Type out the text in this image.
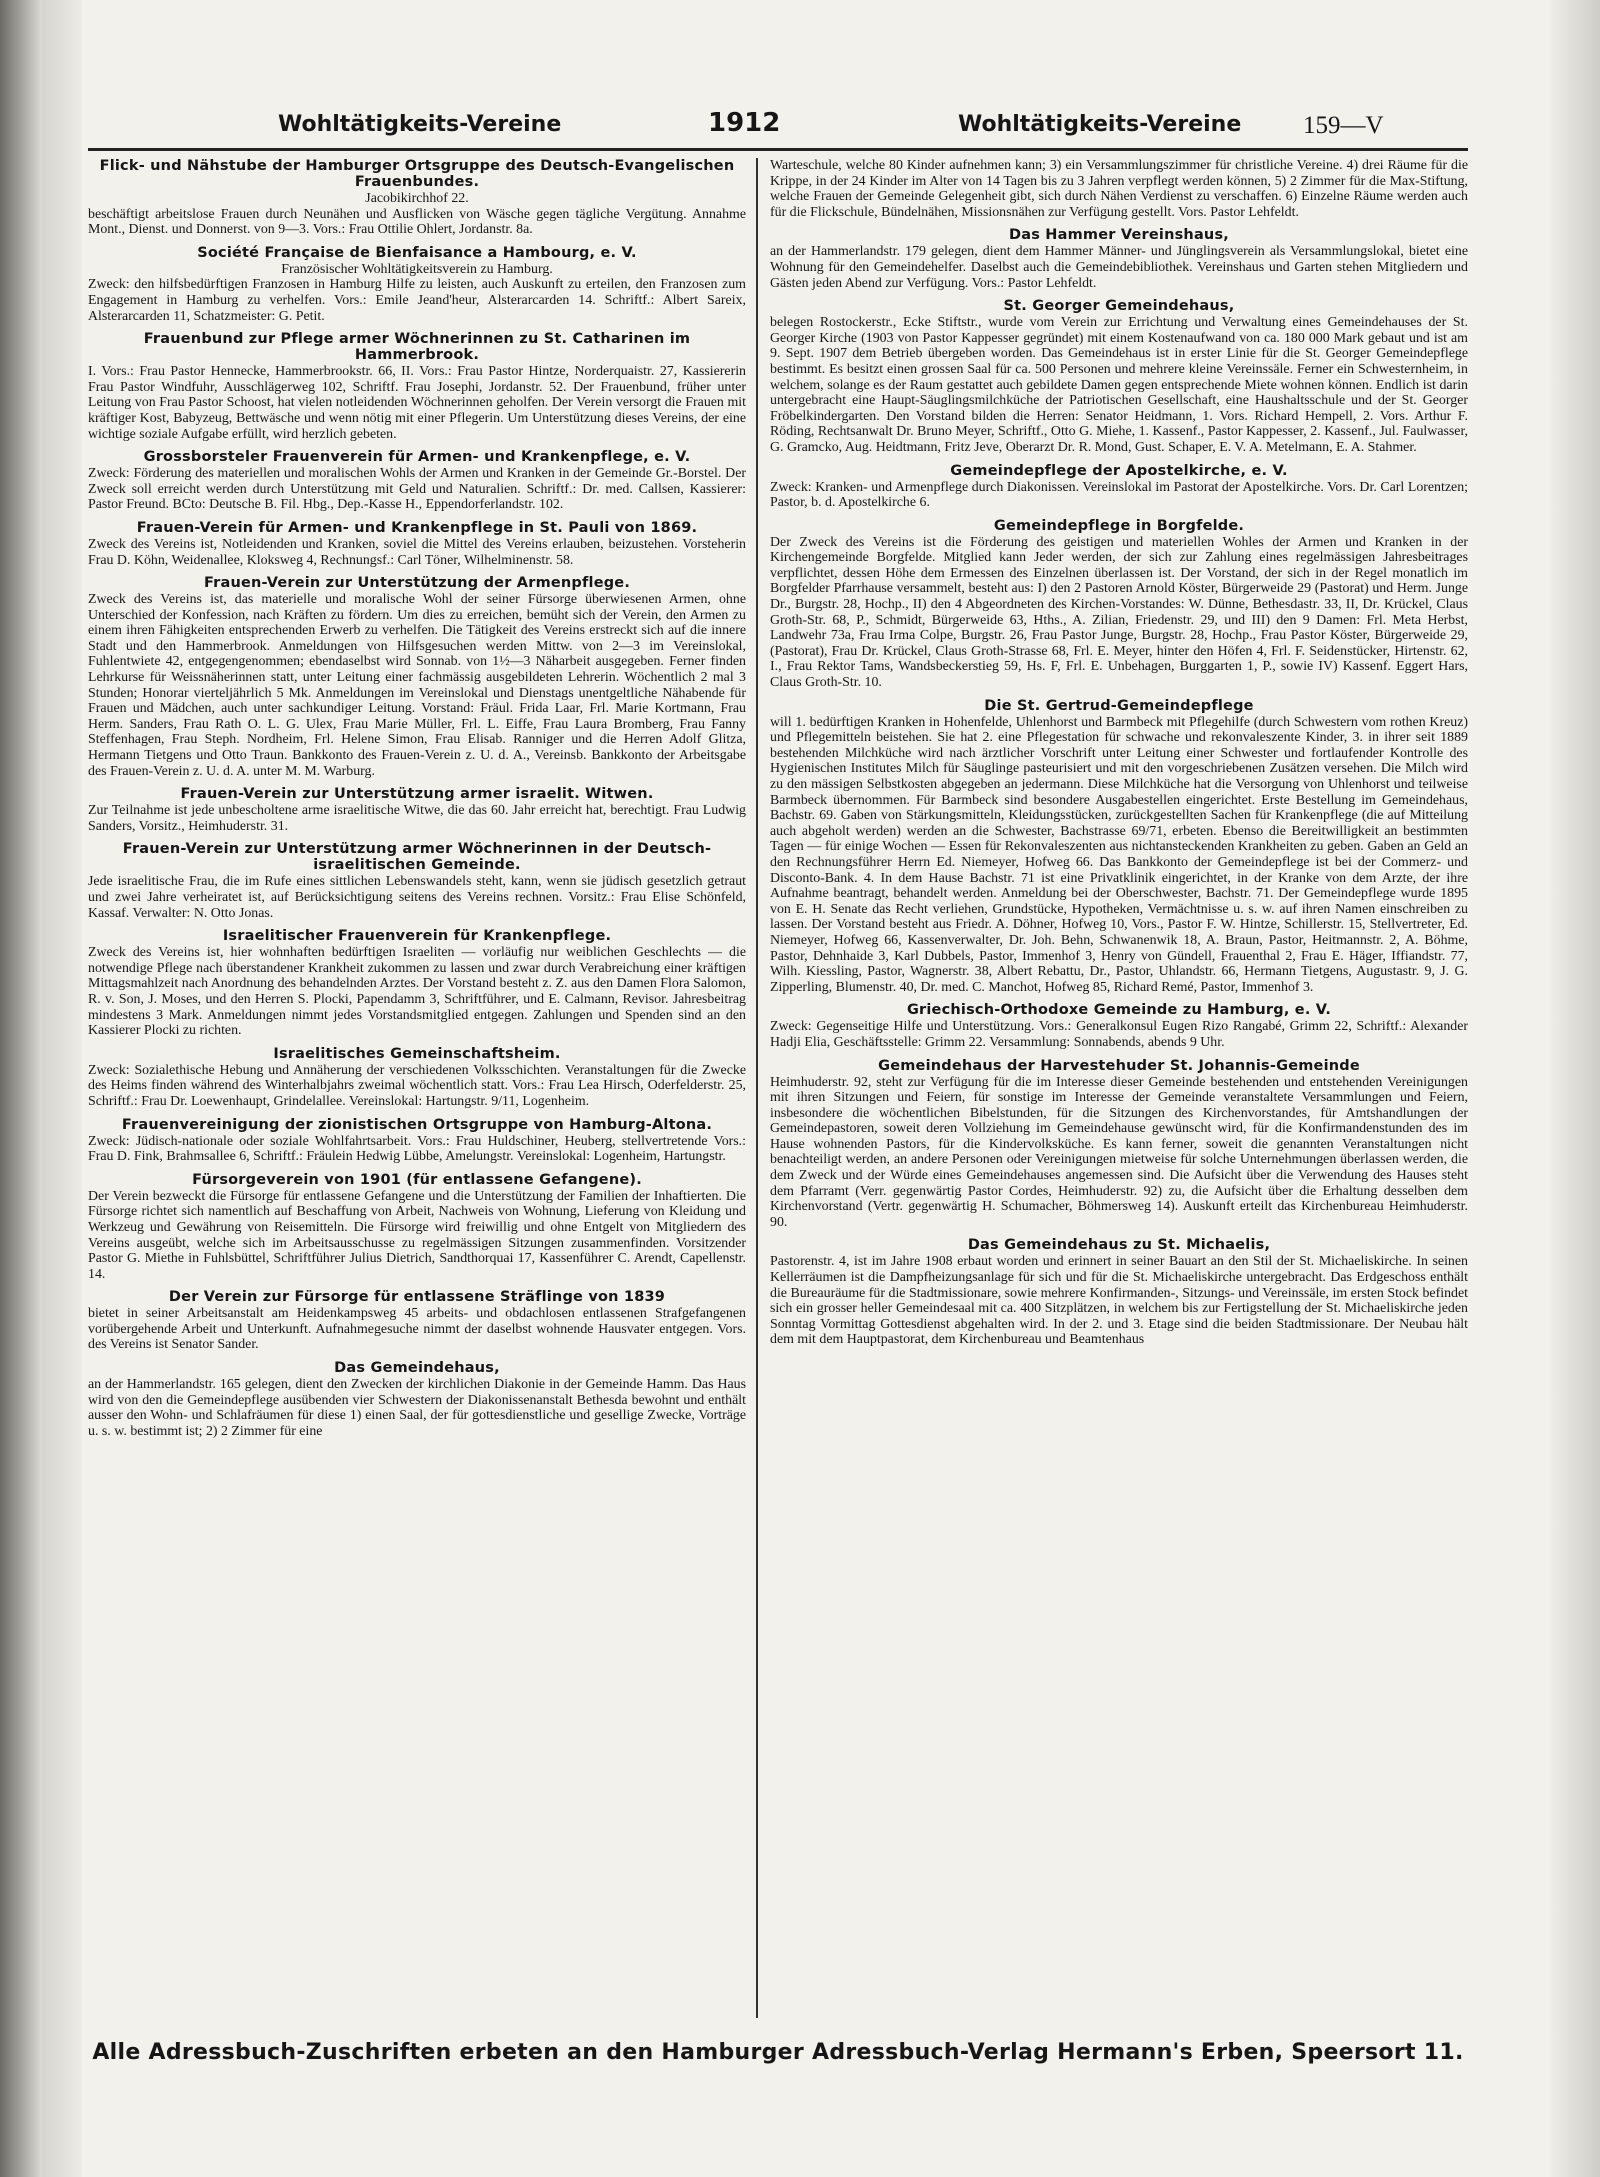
Wohltätigkeits-Vereine	1912	Wohltätigkeits-Vereine 159—V
Flick- und Nähstube der Hamburger Ortsgruppe des Deutsch-Evangelischen Frauenbundes.

Jacobikirchhof 22.

beschäftigt arbeitslose Frauen durch Neunähen und Ausflicken von Wäsche gegen tägliche Vergütung. Annahme Mont., Dienst. und Donnerst. von 9—3. Vors.: Frau Ottilie Ohlert, Jordanstr. 8a.

Société Française de Bienfaisance a Hambourg, e. V.

Französischer Wohltätigkeitsverein zu Hamburg.

Zweck: den hilfsbedürftigen Franzosen in Hamburg Hilfe zu leisten, auch Auskunft zu erteilen, den Franzosen zum Engagement in Hamburg zu verhelfen. Vors.: Emile Jeand'heur, Alsterarcarden 14. Schriftf.: Albert Sareix, Alsterarcarden 11, Schatzmeister: G. Petit.

Frauenbund zur Pflege armer Wöchnerinnen zu St. Catharinen im Hammerbrook.

I. Vors.: Frau Pastor Hennecke, Hammerbrookstr. 66, II. Vors.: Frau Pastor Hintze, Norderquaistr. 27, Kassiererin Frau Pastor Windfuhr, Ausschlägerweg 102, Schriftf. Frau Josephi, Jordanstr. 52. Der Frauenbund, früher unter Leitung von Frau Pastor Schoost, hat vielen notleidenden Wöchnerinnen geholfen. Der Verein versorgt die Frauen mit kräftiger Kost, Babyzeug, Bettwäsche und wenn nötig mit einer Pflegerin. Um Unterstützung dieses Vereins, der eine wichtige soziale Aufgabe erfüllt, wird herzlich gebeten.

Grossborsteler Frauenverein für Armen- und Krankenpflege, e. V.

Zweck: Förderung des materiellen und moralischen Wohls der Armen und Kranken in der Gemeinde Gr.-Borstel. Der Zweck soll erreicht werden durch Unterstützung mit Geld und Naturalien. Schriftf.: Dr. med. Callsen, Kassierer: Pastor Freund. BCto: Deutsche B. Fil. Hbg., Dep.-Kasse H., Eppendorferlandstr. 102.

Frauen-Verein für Armen- und Krankenpflege in St. Pauli von 1869.

Zweck des Vereins ist, Notleidenden und Kranken, soviel die Mittel des Vereins erlauben, beizustehen. Vorsteherin Frau D. Köhn, Weidenallee, Kloksweg 4, Rechnungsf.: Carl Töner, Wilhelminenstr. 58.

Frauen-Verein zur Unterstützung der Armenpflege.

Zweck des Vereins ist, das materielle und moralische Wohl der seiner Fürsorge überwiesenen Armen, ohne Unterschied der Konfession, nach Kräften zu fördern. Um dies zu erreichen, bemüht sich der Verein, den Armen zu einem ihren Fähigkeiten entsprechenden Erwerb zu verhelfen. Die Tätigkeit des Vereins erstreckt sich auf die innere Stadt und den Hammerbrook. Anmeldungen von Hilfsgesuchen werden Mittw. von 2—3 im Vereinslokal, Fuhlentwiete 42, entgegengenommen; ebendaselbst wird Sonnab. von 1½—3 Näharbeit ausgegeben. Ferner finden Lehrkurse für Weissnäherinnen statt, unter Leitung einer fachmässig ausgebildeten Lehrerin. Wöchentlich 2 mal 3 Stunden; Honorar vierteljährlich 5 Mk. Anmeldungen im Vereinslokal und Dienstags unentgeltliche Nähabende für Frauen und Mädchen, auch unter sachkundiger Leitung. Vorstand: Fräul. Frida Laar, Frl. Marie Kortmann, Frau Herm. Sanders, Frau Rath O. L. G. Ulex, Frau Marie Müller, Frl. L. Eiffe, Frau Laura Bromberg, Frau Fanny Steffenhagen, Frau Steph. Nordheim, Frl. Helene Simon, Frau Elisab. Ranniger und die Herren Adolf Glitza, Hermann Tietgens und Otto Traun. Bankkonto des Frauen-Verein z. U. d. A., Vereinsb. Bankkonto der Arbeitsgabe des Frauen-Verein z. U. d. A. unter M. M. Warburg.

Frauen-Verein zur Unterstützung armer israelit. Witwen.

Zur Teilnahme ist jede unbescholtene arme israelitische Witwe, die das 60. Jahr erreicht hat, berechtigt. Frau Ludwig Sanders, Vorsitz., Heimhuderstr. 31.

Frauen-Verein zur Unterstützung armer Wöchnerinnen in der Deutsch-israelitischen Gemeinde.

Jede israelitische Frau, die im Rufe eines sittlichen Lebenswandels steht, kann, wenn sie jüdisch gesetzlich getraut und zwei Jahre verheiratet ist, auf Berücksichtigung seitens des Vereins rechnen. Vorsitz.: Frau Elise Schönfeld, Kassaf. Verwalter: N. Otto Jonas.

Israelitischer Frauenverein für Krankenpflege.

Zweck des Vereins ist, hier wohnhaften bedürftigen Israeliten — vorläufig nur weiblichen Geschlechts — die notwendige Pflege nach überstandener Krankheit zukommen zu lassen und zwar durch Verabreichung einer kräftigen Mittagsmahlzeit nach Anordnung des behandelnden Arztes. Der Vorstand besteht z. Z. aus den Damen Flora Salomon, R. v. Son, J. Moses, und den Herren S. Plocki, Papendamm 3, Schriftführer, und E. Calmann, Revisor. Jahresbeitrag mindestens 3 Mark. Anmeldungen nimmt jedes Vorstandsmitglied entgegen. Zahlungen und Spenden sind an den Kassierer Plocki zu richten.

Israelitisches Gemeinschaftsheim.

Zweck: Sozialethische Hebung und Annäherung der verschiedenen Volksschichten. Veranstaltungen für die Zwecke des Heims finden während des Winterhalbjahrs zweimal wöchentlich statt. Vors.: Frau Lea Hirsch, Oderfelderstr. 25, Schriftf.: Frau Dr. Loewenhaupt, Grindelallee. Vereinslokal: Hartungstr. 9/11, Logenheim.

Frauenvereinigung der zionistischen Ortsgruppe von Hamburg-Altona.

Zweck: Jüdisch-nationale oder soziale Wohlfahrtsarbeit. Vors.: Frau Huldschiner, Heuberg, stellvertretende Vors.: Frau D. Fink, Brahmsallee 6, Schriftf.: Fräulein Hedwig Lübbe, Amelungstr. Vereinslokal: Logenheim, Hartungstr.

Fürsorgeverein von 1901 (für entlassene Gefangene).

Der Verein bezweckt die Fürsorge für entlassene Gefangene und die Unterstützung der Familien der Inhaftierten. Die Fürsorge richtet sich namentlich auf Beschaffung von Arbeit, Nachweis von Wohnung, Lieferung von Kleidung und Werkzeug und Gewährung von Reisemitteln. Die Fürsorge wird freiwillig und ohne Entgelt von Mitgliedern des Vereins ausgeübt, welche sich im Arbeitsausschusse zu regelmässigen Sitzungen zusammenfinden. Vorsitzender Pastor G. Miethe in Fuhlsbüttel, Schriftführer Julius Dietrich, Sandthorquai 17, Kassenführer C. Arendt, Capellenstr. 14.

Der Verein zur Fürsorge für entlassene Sträflinge von 1839

bietet in seiner Arbeitsanstalt am Heidenkampsweg 45 arbeits- und obdachlosen entlassenen Strafgefangenen vorübergehende Arbeit und Unterkunft. Aufnahmegesuche nimmt der daselbst wohnende Hausvater entgegen. Vors. des Vereins ist Senator Sander.

Das Gemeindehaus,

an der Hammerlandstr. 165 gelegen, dient den Zwecken der kirchlichen Diakonie in der Gemeinde Hamm. Das Haus wird von den die Gemeindepflege ausübenden vier Schwestern der Diakonissenanstalt Bethesda bewohnt und enthält ausser den Wohn- und Schlafräumen für diese 1) einen Saal, der für gottesdienstliche und gesellige Zwecke, Vorträge u. s. w. bestimmt ist; 2) 2 Zimmer für eine

Warteschule, welche 80 Kinder aufnehmen kann; 3) ein Versammlungszimmer für christliche Vereine. 4) drei Räume für die Krippe, in der 24 Kinder im Alter von 14 Tagen bis zu 3 Jahren verpflegt werden können, 5) 2 Zimmer für die Max-Stiftung, welche Frauen der Gemeinde Gelegenheit gibt, sich durch Nähen Verdienst zu verschaffen. 6) Einzelne Räume werden auch für die Flickschule, Bündelnähen, Missionsnähen zur Verfügung gestellt. Vors. Pastor Lehfeldt.

Das Hammer Vereinshaus,

an der Hammerlandstr. 179 gelegen, dient dem Hammer Männer- und Jünglingsverein als Versammlungslokal, bietet eine Wohnung für den Gemeindehelfer. Daselbst auch die Gemeindebibliothek. Vereinshaus und Garten stehen Mitgliedern und Gästen jeden Abend zur Verfügung. Vors.: Pastor Lehfeldt.

St. Georger Gemeindehaus,

belegen Rostockerstr., Ecke Stiftstr., wurde vom Verein zur Errichtung und Verwaltung eines Gemeindehauses der St. Georger Kirche (1903 von Pastor Kappesser gegründet) mit einem Kostenaufwand von ca. 180 000 Mark gebaut und ist am 9. Sept. 1907 dem Betrieb übergeben worden. Das Gemeindehaus ist in erster Linie für die St. Georger Gemeindepflege bestimmt. Es besitzt einen grossen Saal für ca. 500 Personen und mehrere kleine Vereinssäle. Ferner ein Schwesternheim, in welchem, solange es der Raum gestattet auch gebildete Damen gegen entsprechende Miete wohnen können. Endlich ist darin untergebracht eine Haupt-Säuglingsmilchküche der Patriotischen Gesellschaft, eine Haushaltsschule und der St. Georger Fröbelkindergarten. Den Vorstand bilden die Herren: Senator Heidmann, 1. Vors. Richard Hempell, 2. Vors. Arthur F. Röding, Rechtsanwalt Dr. Bruno Meyer, Schriftf., Otto G. Miehe, 1. Kassenf., Pastor Kappesser, 2. Kassenf., Jul. Faulwasser, G. Gramcko, Aug. Heidtmann, Fritz Jeve, Oberarzt Dr. R. Mond, Gust. Schaper, E. V. A. Metelmann, E. A. Stahmer.

Gemeindepflege der Apostelkirche, e. V.

Zweck: Kranken- und Armenpflege durch Diakonissen. Vereinslokal im Pastorat der Apostelkirche. Vors. Dr. Carl Lorentzen; Pastor, b. d. Apostelkirche 6.

Gemeindepflege in Borgfelde.

Der Zweck des Vereins ist die Förderung des geistigen und materiellen Wohles der Armen und Kranken in der Kirchengemeinde Borgfelde. Mitglied kann Jeder werden, der sich zur Zahlung eines regelmässigen Jahresbeitrages verpflichtet, dessen Höhe dem Ermessen des Einzelnen überlassen ist. Der Vorstand, der sich in der Regel monatlich im Borgfelder Pfarrhause versammelt, besteht aus: I) den 2 Pastoren Arnold Köster, Bürgerweide 29 (Pastorat) und Herm. Junge Dr., Burgstr. 28, Hochp., II) den 4 Abgeordneten des Kirchen-Vorstandes: W. Dünne, Bethesdastr. 33, II, Dr. Krückel, Claus Groth-Str. 68, P., Schmidt, Bürgerweide 63, Hths., A. Zilian, Friedenstr. 29, und III) den 9 Damen: Frl. Meta Herbst, Landwehr 73a, Frau Irma Colpe, Burgstr. 26, Frau Pastor Junge, Burgstr. 28, Hochp., Frau Pastor Köster, Bürgerweide 29, (Pastorat), Frau Dr. Krückel, Claus Groth-Strasse 68, Frl. E. Meyer, hinter den Höfen 4, Frl. F. Seidenstücker, Hirtenstr. 62, I., Frau Rektor Tams, Wandsbeckerstieg 59, Hs. F, Frl. E. Unbehagen, Burggarten 1, P., sowie IV) Kassenf. Eggert Hars, Claus Groth-Str. 10.

Die St. Gertrud-Gemeindepflege

will 1. bedürftigen Kranken in Hohenfelde, Uhlenhorst und Barmbeck mit Pflegehilfe (durch Schwestern vom rothen Kreuz) und Pflegemitteln beistehen. Sie hat 2. eine Pflegestation für schwache und rekonvaleszente Kinder, 3. in ihrer seit 1889 bestehenden Milchküche wird nach ärztlicher Vorschrift unter Leitung einer Schwester und fortlaufender Kontrolle des Hygienischen Institutes Milch für Säuglinge pasteurisiert und mit den vorgeschriebenen Zusätzen versehen. Die Milch wird zu den mässigen Selbstkosten abgegeben an jedermann. Diese Milchküche hat die Versorgung von Uhlenhorst und teilweise Barmbeck übernommen. Für Barmbeck sind besondere Ausgabestellen eingerichtet. Erste Bestellung im Gemeindehaus, Bachstr. 69. Gaben von Stärkungsmitteln, Kleidungsstücken, zurückgestellten Sachen für Krankenpflege (die auf Mitteilung auch abgeholt werden) werden an die Schwester, Bachstrasse 69/71, erbeten. Ebenso die Bereitwilligkeit an bestimmten Tagen — für einige Wochen — Essen für Rekonvaleszenten aus nichtansteckenden Krankheiten zu geben. Gaben an Geld an den Rechnungsführer Herrn Ed. Niemeyer, Hofweg 66. Das Bankkonto der Gemeindepflege ist bei der Commerz- und Disconto-Bank. 4. In dem Hause Bachstr. 71 ist eine Privatklinik eingerichtet, in der Kranke von dem Arzte, der ihre Aufnahme beantragt, behandelt werden. Anmeldung bei der Oberschwester, Bachstr. 71. Der Gemeindepflege wurde 1895 von E. H. Senate das Recht verliehen, Grundstücke, Hypotheken, Vermächtnisse u. s. w. auf ihren Namen einschreiben zu lassen. Der Vorstand besteht aus Friedr. A. Döhner, Hofweg 10, Vors., Pastor F. W. Hintze, Schillerstr. 15, Stellvertreter, Ed. Niemeyer, Hofweg 66, Kassenverwalter, Dr. Joh. Behn, Schwanenwik 18, A. Braun, Pastor, Heitmannstr. 2, A. Böhme, Pastor, Dehnhaide 3, Karl Dubbels, Pastor, Immenhof 3, Henry von Gündell, Frauenthal 2, Frau E. Häger, Iffiandstr. 77, Wilh. Kiessling, Pastor, Wagnerstr. 38, Albert Rebattu, Dr., Pastor, Uhlandstr. 66, Hermann Tietgens, Augustastr. 9, J. G. Zipperling, Blumenstr. 40, Dr. med. C. Manchot, Hofweg 85, Richard Remé, Pastor, Immenhof 3.

Griechisch-Orthodoxe Gemeinde zu Hamburg, e. V.

Zweck: Gegenseitige Hilfe und Unterstützung. Vors.: Generalkonsul Eugen Rizo Rangabé, Grimm 22, Schriftf.: Alexander Hadji Elia, Geschäftsstelle: Grimm 22. Versammlung: Sonnabends, abends 9 Uhr.

Gemeindehaus der Harvestehuder St. Johannis-Gemeinde

Heimhuderstr. 92, steht zur Verfügung für die im Interesse dieser Gemeinde bestehenden und entstehenden Vereinigungen mit ihren Sitzungen und Feiern, für sonstige im Interesse der Gemeinde veranstaltete Versammlungen und Feiern, insbesondere die wöchentlichen Bibelstunden, für die Sitzungen des Kirchenvorstandes, für Amtshandlungen der Gemeindepastoren, soweit deren Vollziehung im Gemeindehause gewünscht wird, für die Konfirmandenstunden des im Hause wohnenden Pastors, für die Kindervolksküche. Es kann ferner, soweit die genannten Veranstaltungen nicht benachteiligt werden, an andere Personen oder Vereinigungen mietweise für solche Unternehmungen überlassen werden, die dem Zweck und der Würde eines Gemeindehauses angemessen sind. Die Aufsicht über die Verwendung des Hauses steht dem Pfarramt (Verr. gegenwärtig Pastor Cordes, Heimhuderstr. 92) zu, die Aufsicht über die Erhaltung desselben dem Kirchenvorstand (Vertr. gegenwärtig H. Schumacher, Böhmersweg 14). Auskunft erteilt das Kirchenbureau Heimhuderstr. 90.

Das Gemeindehaus zu St. Michaelis,

Pastorenstr. 4, ist im Jahre 1908 erbaut worden und erinnert in seiner Bauart an den Stil der St. Michaeliskirche. In seinen Kellerräumen ist die Dampfheizungsanlage für sich und für die St. Michaeliskirche untergebracht. Das Erdgeschoss enthält die Bureauräume für die Stadtmissionare, sowie mehrere Konfirmanden-, Sitzungs- und Vereinssäle, im ersten Stock befindet sich ein grosser heller Gemeindesaal mit ca. 400 Sitzplätzen, in welchem bis zur Fertigstellung der St. Michaeliskirche jeden Sonntag Vormittag Gottesdienst abgehalten wird. In der 2. und 3. Etage sind die beiden Stadtmissionare. Der Neubau hält dem mit dem Hauptpastorat, dem Kirchenbureau und Beamtenhaus

Alle Adressbuch-Zuschriften erbeten an den Hamburger Adressbuch-Verlag Hermann's Erben, Speersort 11.
